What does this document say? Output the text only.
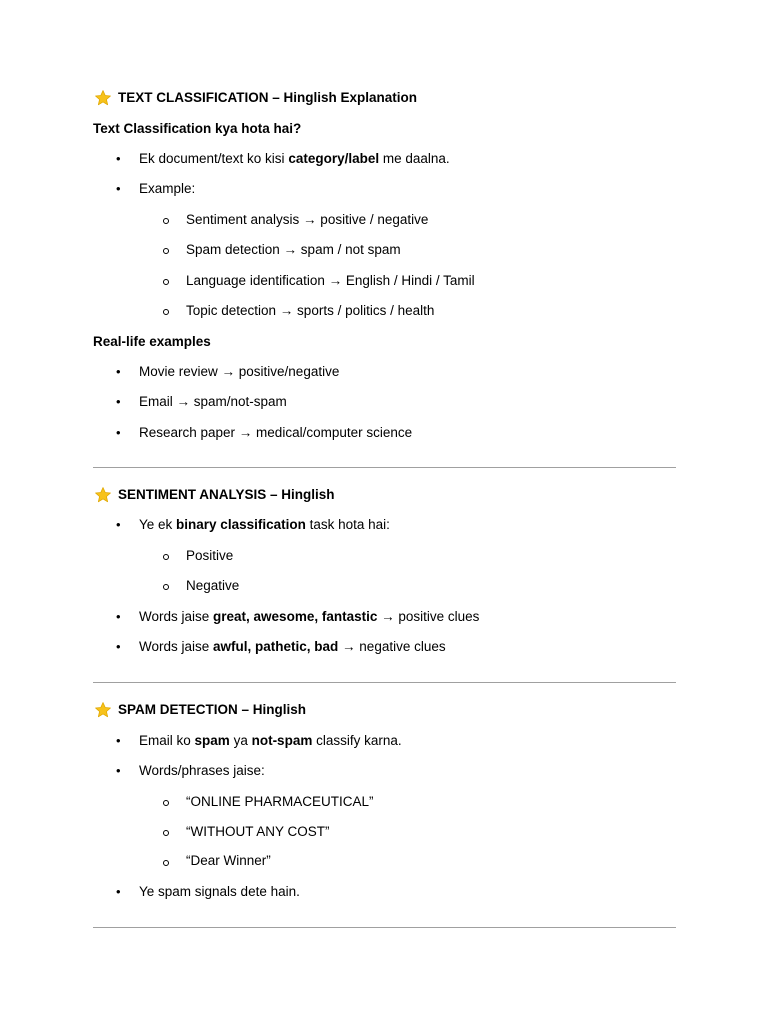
TEXT CLASSIFICATION – Hinglish Explanation
Text Classification kya hota hai?
• Ek document/text ko kisi category/label me daalna.
• Example:
Sentiment analysis → positive / negative
Spam detection → spam / not spam
Language identification → English / Hindi / Tamil
Topic detection → sports / politics / health
Real-life examples
• Movie review → positive/negative
• Email → spam/not-spam
• Research paper → medical/computer science
SENTIMENT ANALYSIS – Hinglish
• Ye ek binary classification task hota hai:
Positive
Negative
• Words jaise great, awesome, fantastic → positive clues
• Words jaise awful, pathetic, bad → negative clues
SPAM DETECTION – Hinglish
• Email ko spam ya not-spam classify karna.
• Words/phrases jaise:
“ONLINE PHARMACEUTICAL”
“WITHOUT ANY COST”
“Dear Winner”
• Ye spam signals dete hain.
